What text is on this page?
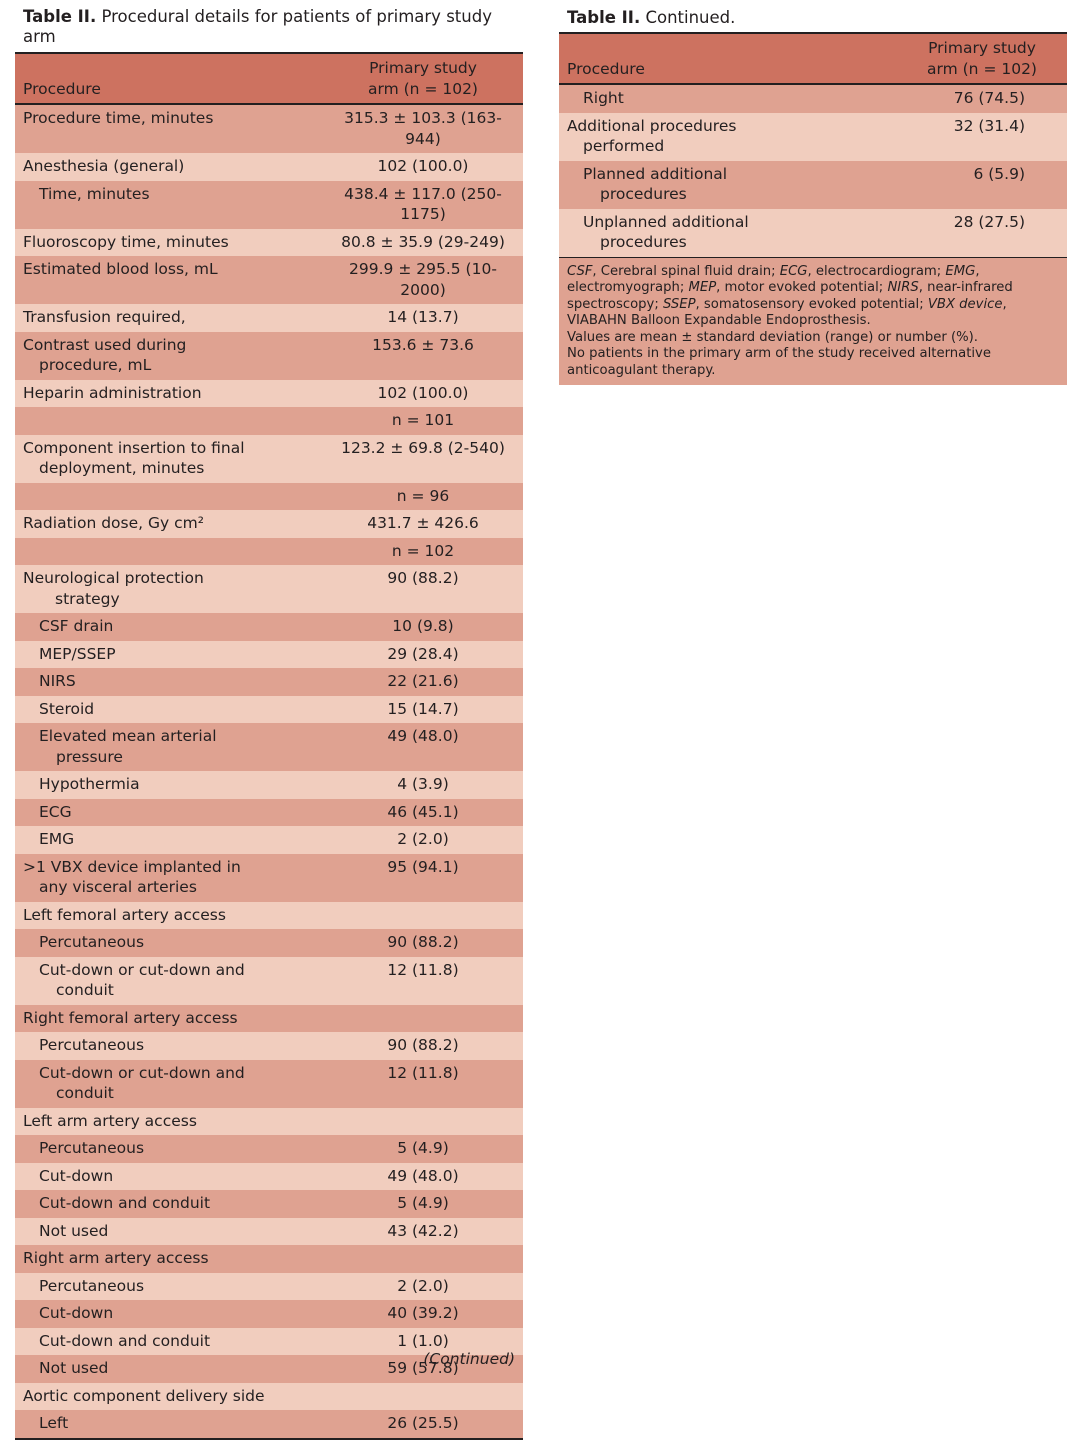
Table II. Procedural details for patients of primary study arm
Table II. Continued.
Procedure	Primary study
arm (n = 102)
Procedure time, minutes	315.3 ± 103.3 (163-944)
Anesthesia (general)	102 (100.0)
Time, minutes	438.4 ± 117.0 (250-1175)
Fluoroscopy time, minutes	80.8 ± 35.9 (29-249)
Estimated blood loss, mL	299.9 ± 295.5 (10-2000)
Transfusion required,	14 (13.7)
Contrast used during
procedure, mL	153.6 ± 73.6
Heparin administration	102 (100.0)
	n = 101
Component insertion to final
deployment, minutes	123.2 ± 69.8 (2-540)
	n = 96
Radiation dose, Gy cm²	431.7 ± 426.6
	n = 102
Neurological protection
strategy	90 (88.2)
CSF drain	10 (9.8)
MEP/SSEP	29 (28.4)
NIRS	22 (21.6)
Steroid	15 (14.7)
Elevated mean arterial
pressure	49 (48.0)
Hypothermia	4 (3.9)
ECG	46 (45.1)
EMG	2 (2.0)
>1 VBX device implanted in
any visceral arteries	95 (94.1)
Left femoral artery access	
Percutaneous	90 (88.2)
Cut-down or cut-down and
conduit	12 (11.8)
Right femoral artery access	
Percutaneous	90 (88.2)
Cut-down or cut-down and
conduit	12 (11.8)
Left arm artery access	
Percutaneous	5 (4.9)
Cut-down	49 (48.0)
Cut-down and conduit	5 (4.9)
Not used	43 (42.2)
Right arm artery access	
Percutaneous	2 (2.0)
Cut-down	40 (39.2)
Cut-down and conduit	1 (1.0)
Not used	59 (57.8)
Aortic component delivery side	
Left	26 (25.5)
Procedure	Primary study
arm (n = 102)
Right	76 (74.5)
Additional procedures
performed	32 (31.4)
Planned additional
procedures	6 (5.9)
Unplanned additional
procedures	28 (27.5)

CSF, Cerebral spinal fluid drain; ECG, electrocardiogram; EMG, electromyograph; MEP, motor evoked potential; NIRS, near-infrared spectroscopy; SSEP, somatosensory evoked potential; VBX device, VIABAHN Balloon Expandable Endoprosthesis.

Values are mean ± standard deviation (range) or number (%).

No patients in the primary arm of the study received alternative anticoagulant therapy.	

(Continued)
